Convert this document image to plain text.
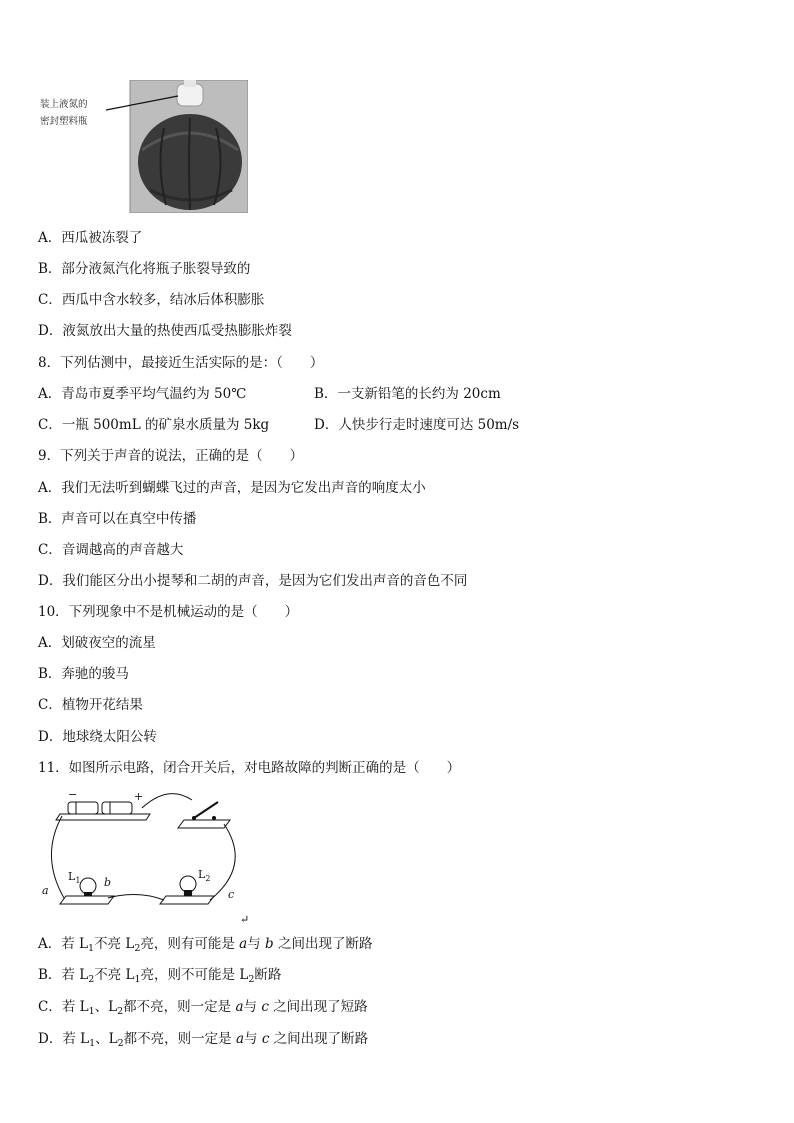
装上液氮的
密封塑料瓶
A．西瓜被冻裂了
B．部分液氮汽化将瓶子胀裂导致的
C．西瓜中含水较多，结冰后体积膨胀
D．液氮放出大量的热使西瓜受热膨胀炸裂
8．下列估测中，最接近生活实际的是：（　　）
A．青岛市夏季平均气温约为 50℃	B．一支新铅笔的长约为 20cm
C．一瓶 500mL 的矿泉水质量为 5kg	D．人快步行走时速度可达 50m/s
9．下列关于声音的说法，正确的是（　　）
A．我们无法听到蝴蝶飞过的声音，是因为它发出声音的响度太小
B．声音可以在真空中传播
C．音调越高的声音越大
D．我们能区分出小提琴和二胡的声音，是因为它们发出声音的音色不同
10．下列现象中不是机械运动的是（　　）
A．划破夜空的流星
B．奔驰的骏马
C．植物开花结果
D．地球绕太阳公转
11．如图所示电路，闭合开关后，对电路故障的判断正确的是（　　）
−	+
$L_1$	$L_2$
a
b
c
↵
A．若 $L_1$不亮 $L_2$亮，则有可能是 a与 b 之间出现了断路
B．若 $L_2$不亮 $L_1$亮，则不可能是 $L_2$断路
C．若 $L_1$、$L_2$都不亮，则一定是 a与 c 之间出现了短路
D．若 $L_1$、$L_2$都不亮，则一定是 a与 c 之间出现了断路
